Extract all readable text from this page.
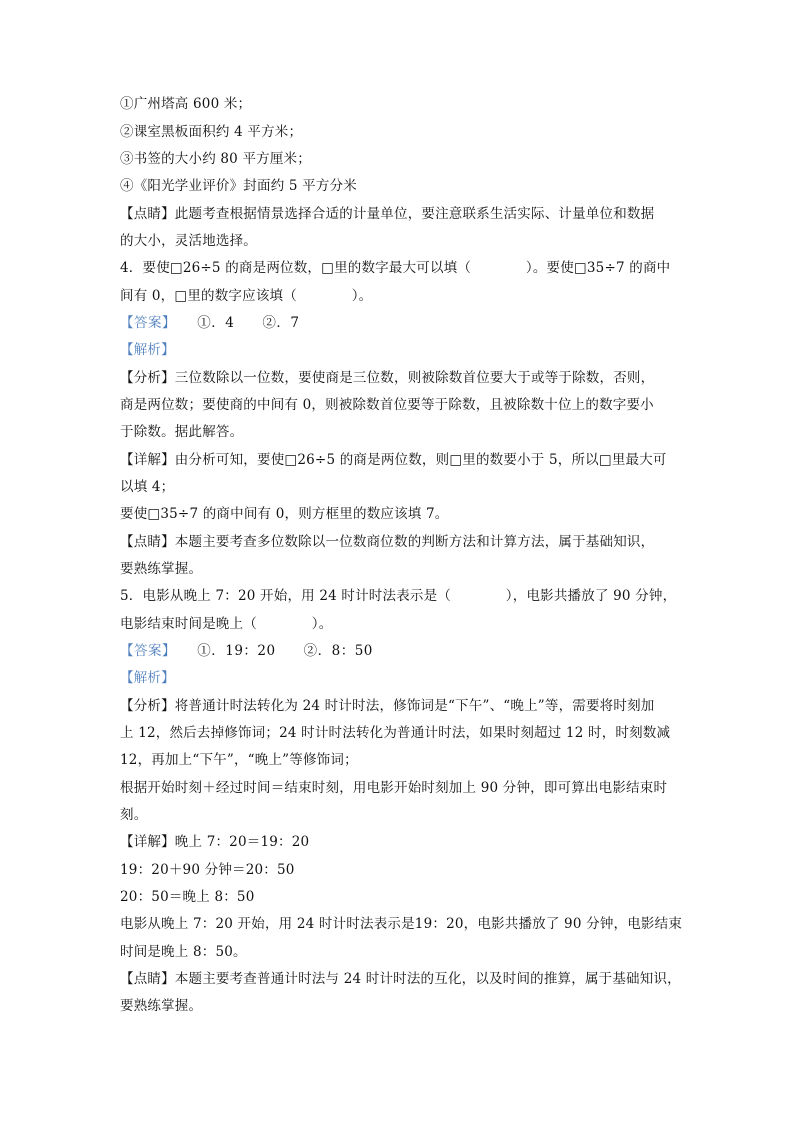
①广州塔高 600 米；
②课室黑板面积约 4 平方米；
③书签的大小约 80 平方厘米；
④《阳光学业评价》封面约 5 平方分米
【点睛】此题考查根据情景选择合适的计量单位，要注意联系生活实际、计量单位和数据
的大小，灵活地选择。
4．要使□26÷5 的商是两位数，□里的数字最大可以填（　　　　）。要使□35÷7 的商中
间有 0，□里的数字应该填（　　　　）。
【答案】　　①．4　　②．7
【解析】
【分析】三位数除以一位数，要使商是三位数，则被除数首位要大于或等于除数，否则，
商是两位数；要使商的中间有 0，则被除数首位要等于除数，且被除数十位上的数字要小
于除数。据此解答。
【详解】由分析可知，要使□26÷5 的商是两位数，则□里的数要小于 5，所以□里最大可
以填 4；
要使□35÷7 的商中间有 0，则方框里的数应该填 7。
【点睛】本题主要考查多位数除以一位数商位数的判断方法和计算方法，属于基础知识，
要熟练掌握。
5．电影从晚上 7：20 开始，用 24 时计时法表示是（　　　　），电影共播放了 90 分钟，
电影结束时间是晚上（　　　　）。
【答案】　　①．19：20　　②．8：50
【解析】
【分析】将普通计时法转化为 24 时计时法，修饰词是“下午”、“晚上”等，需要将时刻加
上 12，然后去掉修饰词；24 时计时法转化为普通计时法，如果时刻超过 12 时，时刻数减
12，再加上“下午”，“晚上”等修饰词；
根据开始时刻＋经过时间＝结束时刻，用电影开始时刻加上 90 分钟，即可算出电影结束时
刻。
【详解】晚上 7：20＝19：20
19：20＋90 分钟＝20：50
20：50＝晚上 8：50
电影从晚上 7：20 开始，用 24 时计时法表示是19：20，电影共播放了 90 分钟，电影结束
时间是晚上 8：50。
【点睛】本题主要考查普通计时法与 24 时计时法的互化，以及时间的推算，属于基础知识，
要熟练掌握。
